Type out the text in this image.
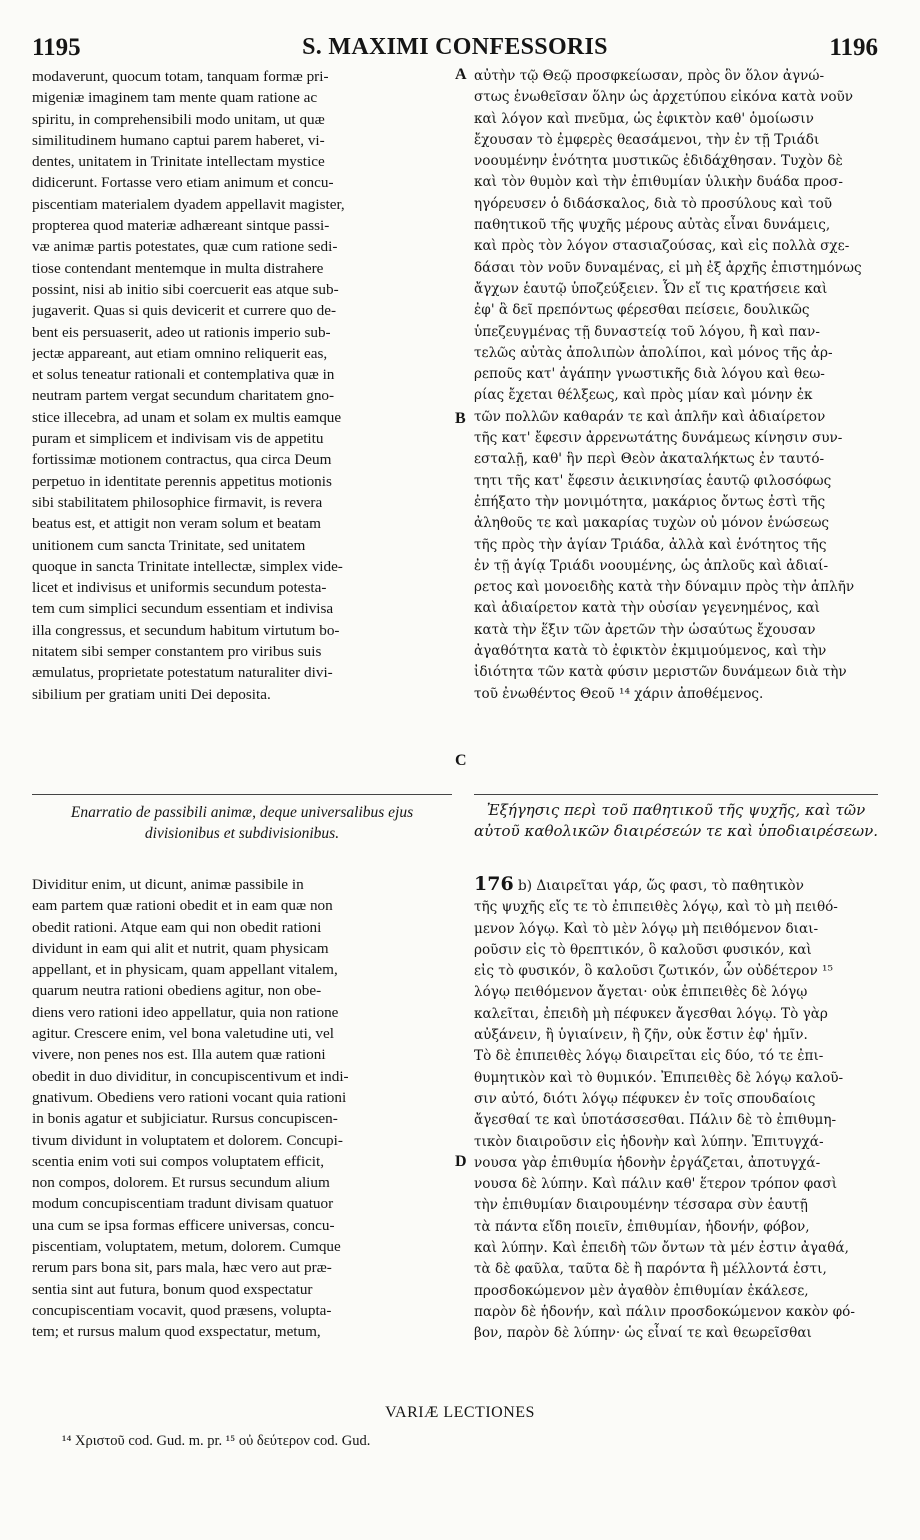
1195	S. MAXIMI CONFESSORIS	1196
modaverunt, quocum totam, tanquam formæ pri-
migeniæ imaginem tam mente quam ratione ac
spiritu, in comprehensibili modo unitam, ut quæ
similitudinem humano captui parem haberet, vi-
dentes, unitatem in Trinitate intellectam mystice
didicerunt. Fortasse vero etiam animum et concu-
piscentiam materialem dyadem appellavit magister,
propterea quod materiæ adhæreant sintque passi-
væ animæ partis potestates, quæ cum ratione sedi-
tiose contendant mentemque in multa distrahere
possint, nisi ab initio sibi coercuerit eas atque sub-
jugaverit. Quas si quis devicerit et currere quo de-
bent eis persuaserit, adeo ut rationis imperio sub-
jectæ appareant, aut etiam omnino reliquerit eas,
et solus teneatur rationali et contemplativa quæ in
neutram partem vergat secundum charitatem gno-
stice illecebra, ad unam et solam ex multis eamque
puram et simplicem et indivisam vis de appetitu
fortissimæ motionem contractus, qua circa Deum
perpetuo in identitate perennis appetitus motionis
sibi stabilitatem philosophice firmavit, is revera
beatus est, et attigit non veram solum et beatam
unitionem cum sancta Trinitate, sed unitatem
quoque in sancta Trinitate intellectæ, simplex vide-
licet et indivisus et uniformis secundum potesta-
tem cum simplici secundum essentiam et indivisa
illa congressus, et secundum habitum virtutum bo-
nitatem sibi semper constantem pro viribus suis
æmulatus, proprietate potestatum naturaliter divi-
sibilium per gratiam uniti Dei deposita.
αὐτὴν τῷ Θεῷ προσφκείωσαν, πρὸς ὃν ὅλον ἀγνώ-
στως ἑνωθεῖσαν ὅλην ὡς ἀρχετύπου εἰκόνα κατὰ νοῦν
καὶ λόγον καὶ πνεῦμα, ὡς ἐφικτὸν καθ' ὁμοίωσιν
ἔχουσαν τὸ ἐμφερὲς θεασάμενοι, τὴν ἐν τῇ Τριάδι
νοουμένην ἑνότητα μυστικῶς ἐδιδάχθησαν. Τυχὸν δὲ
καὶ τὸν θυμὸν καὶ τὴν ἐπιθυμίαν ὑλικὴν δυάδα προσ-
ηγόρευσεν ὁ διδάσκαλος, διὰ τὸ προσύλους καὶ τοῦ
παθητικοῦ τῆς ψυχῆς μέρους αὐτὰς εἶναι δυνάμεις,
καὶ πρὸς τὸν λόγον στασιαζούσας, καὶ εἰς πολλὰ σχε-
δάσαι τὸν νοῦν δυναμένας, εἰ μὴ ἐξ ἀρχῆς ἐπιστημόνως
ἄγχων ἑαυτῷ ὑποζεύξειεν. Ὧν εἴ τις κρατήσειε καὶ
ἐφ' ἃ δεῖ πρεπόντως φέρεσθαι πείσειε, δουλικῶς
ὑπεζευγμένας τῇ δυναστείᾳ τοῦ λόγου, ἢ καὶ παν-
τελῶς αὐτὰς ἀπολιπὼν ἀπολίποι, καὶ μόνος τῆς ἀρ-
ρεποῦς κατ' ἀγάπην γνωστικῆς διὰ λόγου καὶ θεω-
ρίας ἔχεται θέλξεως, καὶ πρὸς μίαν καὶ μόνην ἐκ
τῶν πολλῶν καθαράν τε καὶ ἁπλῆν καὶ ἀδιαίρετον
τῆς κατ' ἔφεσιν ἀρρενωτάτης δυνάμεως κίνησιν συν-
εσταλῇ, καθ' ἣν περὶ Θεὸν ἀκαταλήκτως ἐν ταυτό-
τητι τῆς κατ' ἔφεσιν ἀεικινησίας ἑαυτῷ φιλοσόφως
ἐπήξατο τὴν μονιμότητα, μακάριος ὄντως ἐστὶ τῆς
ἀληθοῦς τε καὶ μακαρίας τυχὼν οὐ μόνον ἑνώσεως
τῆς πρὸς τὴν ἁγίαν Τριάδα, ἀλλὰ καὶ ἑνότητος τῆς
ἐν τῇ ἁγίᾳ Τριάδι νοουμένης, ὡς ἁπλοῦς καὶ ἀδιαί-
ρετος καὶ μονοειδὴς κατὰ τὴν δύναμιν πρὸς τὴν ἁπλῆν
καὶ ἀδιαίρετον κατὰ τὴν οὐσίαν γεγενημένος, καὶ
κατὰ τὴν ἕξιν τῶν ἀρετῶν τὴν ὡσαύτως ἔχουσαν
ἀγαθότητα κατὰ τὸ ἐφικτὸν ἐκμιμούμενος, καὶ τὴν
ἰδιότητα τῶν κατὰ φύσιν μεριστῶν δυνάμεων διὰ τὴν
τοῦ ἐνωθέντος Θεοῦ ¹⁴ χάριν ἀποθέμενος.
A
B
C
D
Enarratio de passibili animæ, deque universalibus ejus divisionibus et subdivisionibus.
Ἐξήγησις περὶ τοῦ παθητικοῦ τῆς ψυχῆς, καὶ τῶν αὐτοῦ καθολικῶν διαιρέσεών τε καὶ ὑποδιαιρέσεων.
Dividitur enim, ut dicunt, animæ passibile in
eam partem quæ rationi obedit et in eam quæ non
obedit rationi. Atque eam qui non obedit rationi
dividunt in eam qui alit et nutrit, quam physicam
appellant, et in physicam, quam appellant vitalem,
quarum neutra rationi obediens agitur, non obe-
diens vero rationi ideo appellatur, quia non ratione
agitur. Crescere enim, vel bona valetudine uti, vel
vivere, non penes nos est. Illa autem quæ rationi
obedit in duo dividitur, in concupiscentivum et indi-
gnativum. Obediens vero rationi vocant quia rationi
in bonis agatur et subjiciatur. Rursus concupiscen-
tivum dividunt in voluptatem et dolorem. Concupi-
scentia enim voti sui compos voluptatem efficit,
non compos, dolorem. Et rursus secundum alium
modum concupiscentiam tradunt divisam quatuor
una cum se ipsa formas efficere universas, concu-
piscentiam, voluptatem, metum, dolorem. Cumque
rerum pars bona sit, pars mala, hæc vero aut præ-
sentia sint aut futura, bonum quod exspectatur
concupiscentiam vocavit, quod præsens, volupta-
tem; et rursus malum quod exspectatur, metum,
176 b) Διαιρεῖται γάρ, ὥς φασι, τὸ παθητικὸν
τῆς ψυχῆς εἴς τε τὸ ἐπιπειθὲς λόγῳ, καὶ τὸ μὴ πειθό-
μενον λόγῳ. Καὶ τὸ μὲν λόγῳ μὴ πειθόμενον διαι-
ροῦσιν εἰς τὸ θρεπτικόν, ὃ καλοῦσι φυσικόν, καὶ
εἰς τὸ φυσικόν, ὃ καλοῦσι ζωτικόν, ὧν οὐδέτερον ¹⁵
λόγῳ πειθόμενον ἄγεται· οὐκ ἐπιπειθὲς δὲ λόγῳ
καλεῖται, ἐπειδὴ μὴ πέφυκεν ἄγεσθαι λόγῳ. Τὸ γὰρ
αὐξάνειν, ἢ ὑγιαίνειν, ἢ ζῆν, οὐκ ἔστιν ἐφ' ἡμῖν.
Τὸ δὲ ἐπιπειθὲς λόγῳ διαιρεῖται εἰς δύο, τό τε ἐπι-
θυμητικὸν καὶ τὸ θυμικόν. Ἐπιπειθὲς δὲ λόγῳ καλοῦ-
σιν αὐτό, διότι λόγῳ πέφυκεν ἐν τοῖς σπουδαίοις
ἄγεσθαί τε καὶ ὑποτάσσεσθαι. Πάλιν δὲ τὸ ἐπιθυμη-
τικὸν διαιροῦσιν εἰς ἡδονὴν καὶ λύπην. Ἐπιτυγχά-
νουσα γὰρ ἐπιθυμία ἡδονὴν ἐργάζεται, ἀποτυγχά-
νουσα δὲ λύπην. Καὶ πάλιν καθ' ἕτερον τρόπον φασὶ
τὴν ἐπιθυμίαν διαιρουμένην τέσσαρα σὺν ἑαυτῇ
τὰ πάντα εἴδη ποιεῖν, ἐπιθυμίαν, ἡδονήν, φόβον,
καὶ λύπην. Καὶ ἐπειδὴ τῶν ὄντων τὰ μέν ἐστιν ἀγαθά,
τὰ δὲ φαῦλα, ταῦτα δὲ ἢ παρόντα ἢ μέλλοντά ἐστι,
προσδοκώμενον μὲν ἀγαθὸν ἐπιθυμίαν ἐκάλεσε,
παρὸν δὲ ἡδονήν, καὶ πάλιν προσδοκώμενον κακὸν φό-
βον, παρὸν δὲ λύπην· ὡς εἶναί τε καὶ θεωρεῖσθαι
VARIÆ LECTIONES
¹⁴ Χριστοῦ cod. Gud. m. pr. ¹⁵ οὐ δεύτερον cod. Gud.
